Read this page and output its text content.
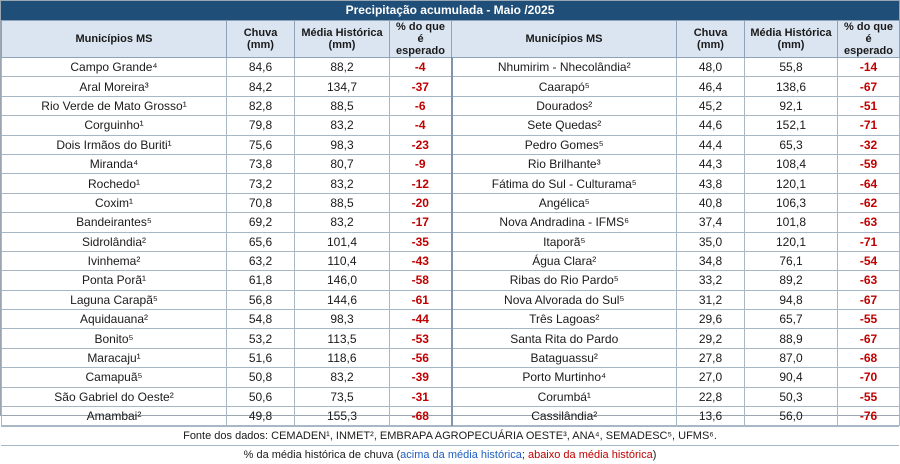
Precipitação acumulada - Maio /2025
Municípios MS	Chuva (mm)	Média Histórica (mm)	% do que é esperado	Municípios MS	Chuva (mm)	Média Histórica (mm)	% do que é esperado
Campo Grande⁴	84,6	88,2	-4	Nhumirim - Nhecolândia²	48,0	55,8	-14
Aral Moreira³	84,2	134,7	-37	Caarapó⁵	46,4	138,6	-67
Rio Verde de Mato Grosso¹	82,8	88,5	-6	Dourados²	45,2	92,1	-51
Corguinho¹	79,8	83,2	-4	Sete Quedas²	44,6	152,1	-71
Dois Irmãos do Buriti¹	75,6	98,3	-23	Pedro Gomes⁵	44,4	65,3	-32
Miranda⁴	73,8	80,7	-9	Rio Brilhante³	44,3	108,4	-59
Rochedo¹	73,2	83,2	-12	Fátima do Sul - Culturama⁵	43,8	120,1	-64
Coxim¹	70,8	88,5	-20	Angélica⁵	40,8	106,3	-62
Bandeirantes⁵	69,2	83,2	-17	Nova Andradina - IFMS⁶	37,4	101,8	-63
Sidrolândia²	65,6	101,4	-35	Itaporã⁵	35,0	120,1	-71
Ivinhema²	63,2	110,4	-43	Água Clara²	34,8	76,1	-54
Ponta Porã¹	61,8	146,0	-58	Ribas do Rio Pardo⁵	33,2	89,2	-63
Laguna Carapã⁵	56,8	144,6	-61	Nova Alvorada do Sul⁵	31,2	94,8	-67
Aquidauana²	54,8	98,3	-44	Três Lagoas²	29,6	65,7	-55
Bonito⁵	53,2	113,5	-53	Santa Rita do Pardo	29,2	88,9	-67
Maracaju¹	51,6	118,6	-56	Bataguassu²	27,8	87,0	-68
Camapuã⁵	50,8	83,2	-39	Porto Murtinho⁴	27,0	90,4	-70
São Gabriel do Oeste²	50,6	73,5	-31	Corumbá¹	22,8	50,3	-55
Amambai²	49,8	155,3	-68	Cassilândia²	13,6	56,0	-76
Fonte dos dados: CEMADEN¹, INMET², EMBRAPA AGROPECUÁRIA OESTE³, ANA⁴, SEMADESC⁵, UFMS⁶.
% da média histórica de chuva (acima da média histórica; abaixo da média histórica)
